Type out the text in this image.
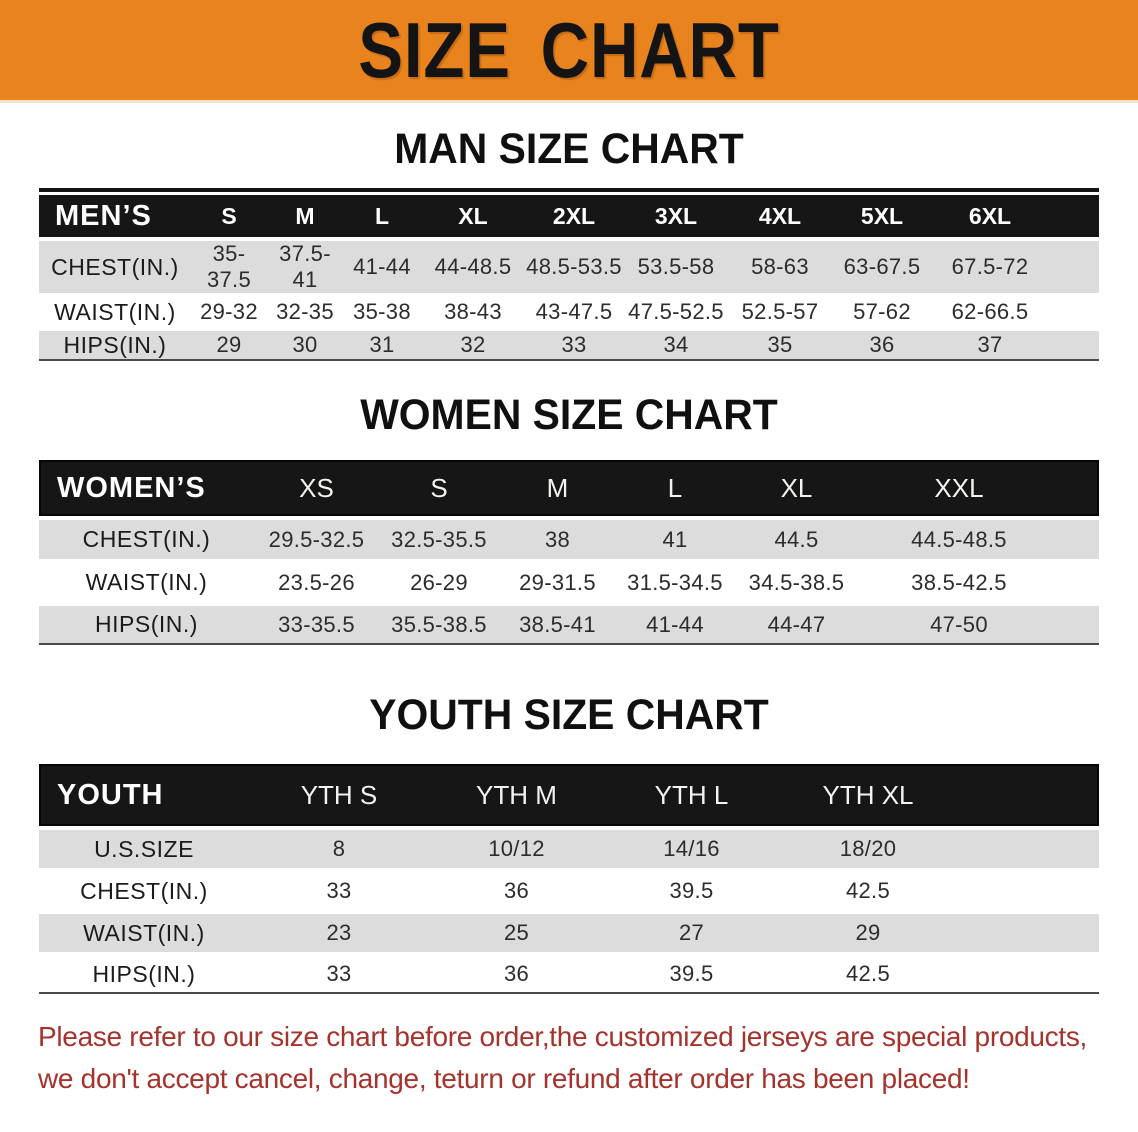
SIZE CHART
MAN SIZE CHART
MEN’S	S	M	L	XL	2XL	3XL	4XL	5XL	6XL	
CHEST(IN.)	35-37.5	37.5-41	41-44	44-48.5	48.5-53.5	53.5-58	58-63	63-67.5	67.5-72	
WAIST(IN.)	29-32	32-35	35-38	38-43	43-47.5	47.5-52.5	52.5-57	57-62	62-66.5	
HIPS(IN.)	29	30	31	32	33	34	35	36	37	
WOMEN SIZE CHART
WOMEN’S	XS	S	M	L	XL	XXL	
CHEST(IN.)	29.5-32.5	32.5-35.5	38	41	44.5	44.5-48.5	
WAIST(IN.)	23.5-26	26-29	29-31.5	31.5-34.5	34.5-38.5	38.5-42.5	
HIPS(IN.)	33-35.5	35.5-38.5	38.5-41	41-44	44-47	47-50	
YOUTH SIZE CHART
YOUTH	YTH S	YTH M	YTH L	YTH XL	
U.S.SIZE	8	10/12	14/16	18/20	
CHEST(IN.)	33	36	39.5	42.5	
WAIST(IN.)	23	25	27	29	
HIPS(IN.)	33	36	39.5	42.5	

Please refer to our size chart before order,the customized jerseys are special products,
we don't accept cancel, change, teturn or refund after order has been placed!
